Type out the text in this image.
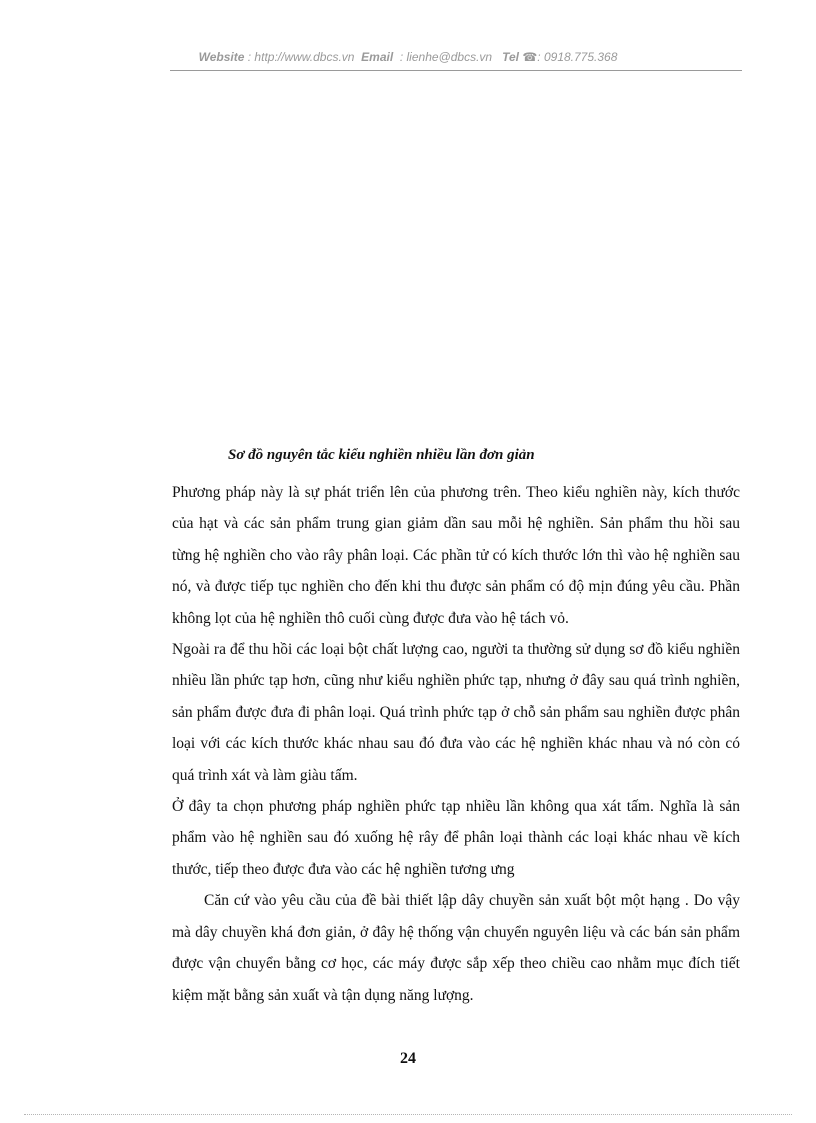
Website : http://www.dbcs.vn Email : lienhe@dbcs.vn Tel ☎: 0918.775.368
Sơ đồ nguyên tắc kiểu nghiền nhiều lần đơn giản

Phương pháp này là sự phát triển lên của phương trên. Theo kiểu nghiền này, kích thước của hạt và các sản phẩm trung gian giảm dần sau mỗi hệ nghiền. Sản phẩm thu hồi sau từng hệ nghiền cho vào rây phân loại. Các phần tử có kích thước lớn thì vào hệ nghiền sau nó, và được tiếp tục nghiền cho đến khi thu được sản phẩm có độ mịn đúng yêu cầu. Phần không lọt của hệ nghiền thô cuối cùng được đưa vào hệ tách vỏ.

Ngoài ra để thu hồi các loại bột chất lượng cao, người ta thường sử dụng sơ đồ kiểu nghiền nhiều lần phức tạp hơn, cũng như kiểu nghiền phức tạp, nhưng ở đây sau quá trình nghiền, sản phẩm được đưa đi phân loại. Quá trình phức tạp ở chỗ sản phẩm sau nghiền được phân loại với các kích thước khác nhau sau đó đưa vào các hệ nghiền khác nhau và nó còn có quá trình xát và làm giàu tấm.

Ở đây ta chọn phương pháp nghiền phức tạp nhiều lần không qua xát tấm. Nghĩa là sản phẩm vào hệ nghiền sau đó xuống hệ rây để phân loại thành các loại khác nhau về kích thước, tiếp theo được đưa vào các hệ nghiền tương ưng

Căn cứ vào yêu cầu của đề bài thiết lập dây chuyền sản xuất bột một hạng . Do vậy mà dây chuyền khá đơn giản, ở đây hệ thống vận chuyển nguyên liệu và các bán sản phẩm được vận chuyển bằng cơ học, các máy được sắp xếp theo chiều cao nhằm mục đích tiết kiệm mặt bằng sản xuất và tận dụng năng lượng.

24
